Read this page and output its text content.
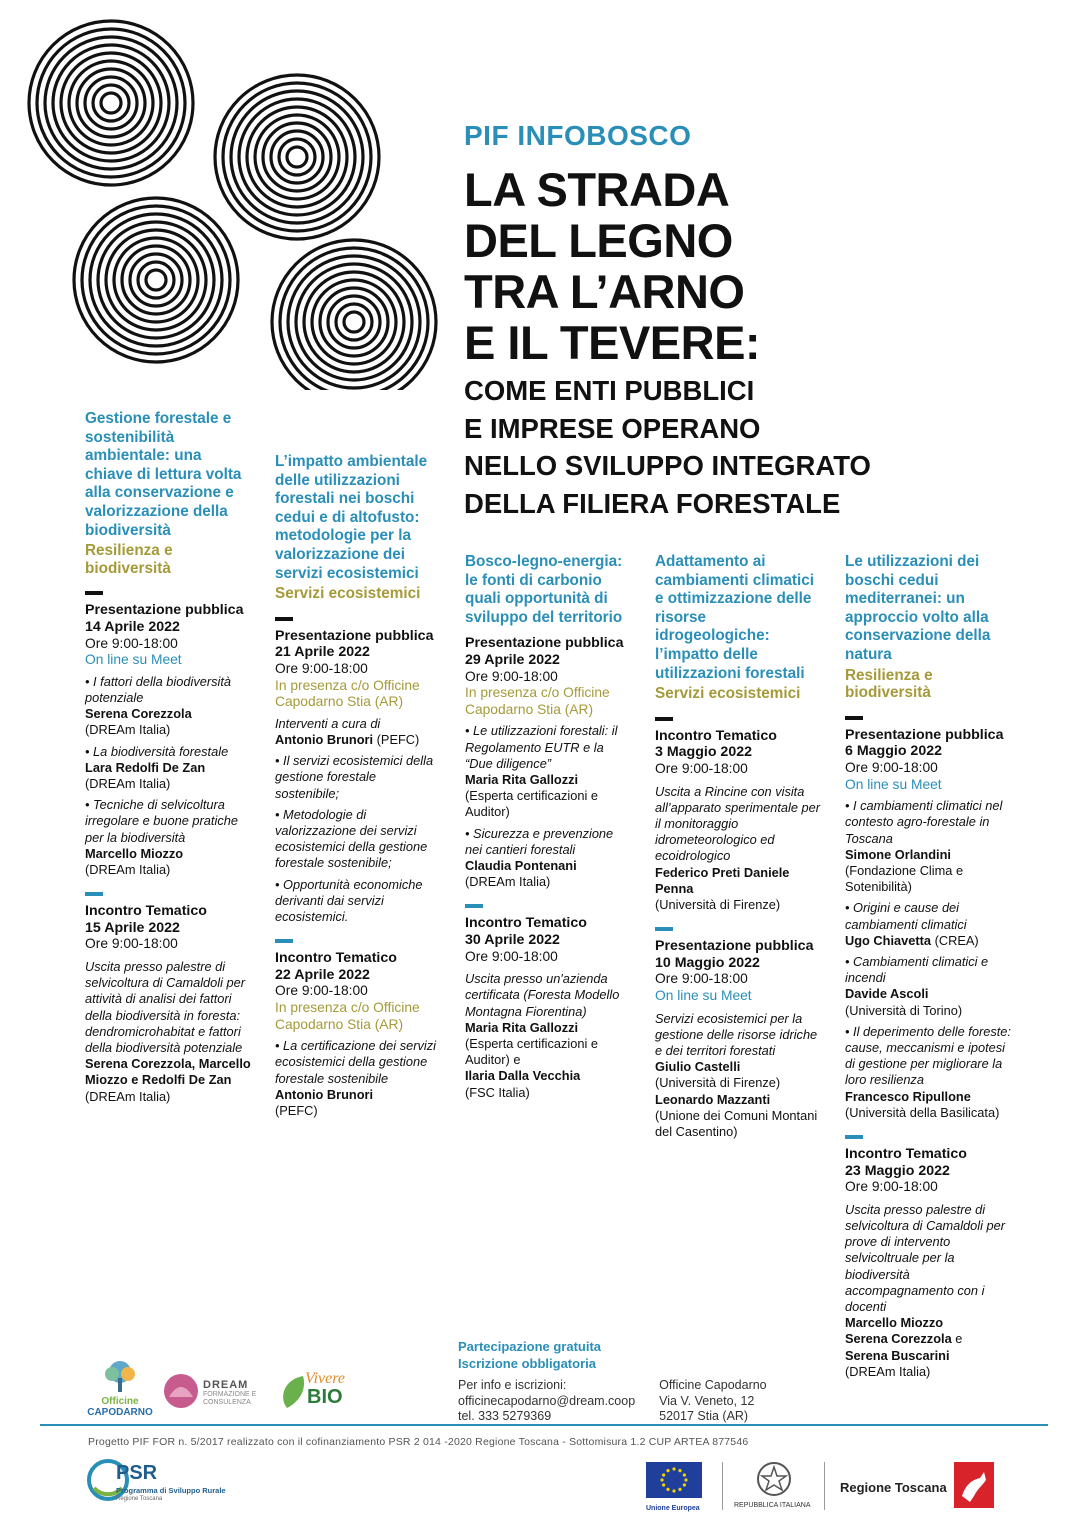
PIF INFOBOSCO
LA STRADA
DEL LEGNO
TRA L’ARNO
E IL TEVERE:
COME ENTI PUBBLICI
E IMPRESE OPERANO
NELLO SVILUPPO INTEGRATO
DELLA FILIERA FORESTALE
Gestione forestale e sostenibilità ambientale: una chiave di lettura volta alla conservazione e valorizzazione della biodiversità
Resilienza e biodiversità
Presentazione pubblica
14 Aprile 2022
Ore 9:00-18:00
On line su Meet
• I fattori della biodiversità potenziale
Serena Corezzola
(DREAm Italia)
• La biodiversità forestale
Lara Redolfi De Zan
(DREAm Italia)
• Tecniche di selvicoltura irregolare e buone pratiche per la biodiversità
Marcello Miozzo
(DREAm Italia)
Incontro Tematico
15 Aprile 2022
Ore 9:00-18:00
Uscita presso palestre di selvicoltura di Camaldoli per attività di analisi dei fattori della biodiversità in foresta: dendromicrohabitat e fattori della biodiversità potenziale
Serena Corezzola, Marcello Miozzo e Redolfi De Zan
(DREAm Italia)
L’impatto ambientale delle utilizzazioni forestali nei boschi cedui e di altofusto: metodologie per la valorizzazione dei servizi ecosistemici
Servizi ecosistemici
Presentazione pubblica
21 Aprile 2022
Ore 9:00-18:00
In presenza c/o Officine Capodarno Stia (AR)
Interventi a cura di
Antonio Brunori (PEFC)
• Il servizi ecosistemici della gestione forestale sostenibile;
• Metodologie di valorizzazione dei servizi ecosistemici della gestione forestale sostenibile;
• Opportunità economiche derivanti dai servizi ecosistemici.
Incontro Tematico
22 Aprile 2022
Ore 9:00-18:00
In presenza c/o Officine Capodarno Stia (AR)
• La certificazione dei servizi ecosistemici della gestione forestale sostenibile
Antonio Brunori
(PEFC)
Bosco-legno-energia: le fonti di carbonio quali opportunità di sviluppo del territorio
Presentazione pubblica
29 Aprile 2022
Ore 9:00-18:00
In presenza c/o Officine Capodarno Stia (AR)
• Le utilizzazioni forestali: il Regolamento EUTR e la “Due diligence”
Maria Rita Gallozzi
(Esperta certificazioni e Auditor)
• Sicurezza e prevenzione nei cantieri forestali
Claudia Pontenani
(DREAm Italia)
Incontro Tematico
30 Aprile 2022
Ore 9:00-18:00
Uscita presso un'azienda certificata (Foresta Modello Montagna Fiorentina)
Maria Rita Gallozzi
(Esperta certificazioni e Auditor) e
Ilaria Dalla Vecchia
(FSC Italia)
Adattamento ai cambiamenti climatici e ottimizzazione delle risorse idrogeologiche: l’impatto delle utilizzazioni forestali
Servizi ecosistemici
Incontro Tematico
3 Maggio 2022
Ore 9:00-18:00
Uscita a Rincine con visita all’apparato sperimentale per il monitoraggio idrometeorologico ed ecoidrologico
Federico Preti Daniele Penna
(Università di Firenze)
Presentazione pubblica
10 Maggio 2022
Ore 9:00-18:00
On line su Meet
Servizi ecosistemici per la gestione delle risorse idriche e dei territori forestati
Giulio Castelli
(Università di Firenze)
Leonardo Mazzanti
(Unione dei Comuni Montani del Casentino)
Le utilizzazioni dei boschi cedui mediterranei: un approccio volto alla conservazione della natura
Resilienza e biodiversità
Presentazione pubblica
6 Maggio 2022
Ore 9:00-18:00
On line su Meet
• I cambiamenti climatici nel contesto agro-forestale in Toscana
Simone Orlandini
(Fondazione Clima e Sotenibilità)
• Origini e cause dei cambiamenti climatici
Ugo Chiavetta (CREA)
• Cambiamenti climatici e incendi
Davide Ascoli
(Università di Torino)
• Il deperimento delle foreste: cause, meccanismi e ipotesi di gestione per migliorare la loro resilienza
Francesco Ripullone
(Università della Basilicata)
Incontro Tematico
23 Maggio 2022
Ore 9:00-18:00
Uscita presso palestre di selvicoltura di Camaldoli per prove di intervento selvicoltruale per la biodiversità accompagnamento con i docenti
Marcello Miozzo
Serena Corezzola e
Serena Buscarini
(DREAm Italia)
Partecipazione gratuita
Iscrizione obbligatoria
Per info e iscrizioni:
officinecapodarno@dream.coop
tel. 333 5279369
Officine Capodarno
Via V. Veneto, 12
52017 Stia (AR)
Officine
CAPODARNO
DREAM
FORMAZIONE E
CONSULENZA
Vivere
BIO
Progetto PIF FOR n. 5/2017 realizzato con il cofinanziamento PSR 2 014 -2020 Regione Toscana - Sottomisura 1.2 CUP ARTEA 877546
PSR
Programma di Sviluppo Rurale
Regione Toscana
Unione Europea	REPUBBLICA ITALIANA
Regione Toscana
